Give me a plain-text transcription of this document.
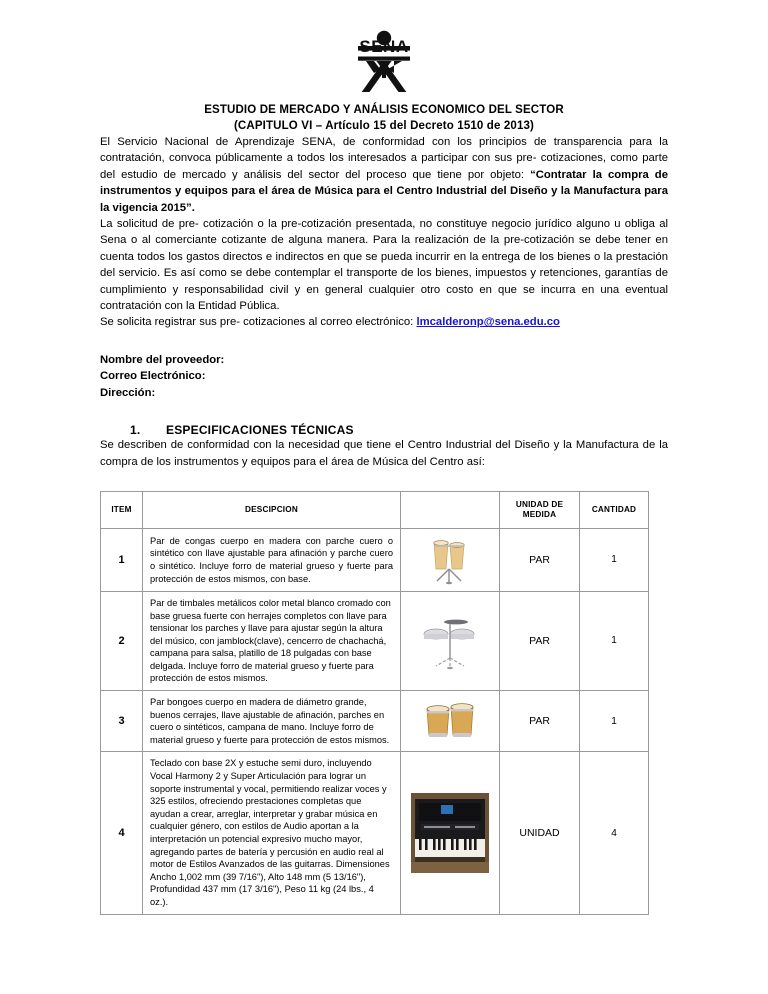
SENA
ESTUDIO DE MERCADO Y ANÁLISIS ECONOMICO DEL SECTOR
(CAPITULO VI – Artículo 15 del Decreto 1510 de 2013)

El Servicio Nacional de Aprendizaje SENA, de conformidad con los principios de transparencia para la contratación, convoca públicamente a todos los interesados a participar con sus pre- cotizaciones, como parte del estudio de mercado y análisis del sector del proceso que tiene por objeto: “Contratar la compra de instrumentos y equipos para el área de Música para el Centro Industrial del Diseño y la Manufactura para la vigencia 2015”.

La solicitud de pre- cotización o la pre-cotización presentada, no constituye negocio jurídico alguno u obliga al Sena o al comerciante cotizante de alguna manera. Para la realización de la pre-cotización se debe tener en cuenta todos los gastos directos e indirectos en que se pueda incurrir en la entrega de los bienes o la prestación del servicio. Es así como se debe contemplar el transporte de los bienes, impuestos y retenciones, garantías de cumplimiento y responsabilidad civil y en general cualquier otro costo en que se incurra en una eventual contratación con la Entidad Pública.

Se solicita registrar sus pre- cotizaciones al correo electrónico: lmcalderonp@sena.edu.co

Nombre del proveedor:
Correo Electrónico:
Dirección:
1.	ESPECIFICACIONES TÉCNICAS

Se describen de conformidad con la necesidad que tiene el Centro Industrial del Diseño y la Manufactura de la compra de los instrumentos y equipos para el área de Música del Centro así:

ITEM	DESCIPCION		UNIDAD DE MEDIDA	CANTIDAD
1	Par de congas cuerpo en madera con parche cuero o sintético con llave ajustable para afinación y parche cuero o sintético. Incluye forro de material grueso y fuerte para protección de estos mismos, con base.		PAR	1
2	Par de timbales metálicos color metal blanco cromado con base gruesa fuerte con herrajes completos con llave para tensionar los parches y llave para ajustar según la altura del músico, con jamblock(clave), cencerro de chachachá, campana para salsa, platillo de 18 pulgadas con base delgada. Incluye forro de material grueso y fuerte para protección de estos mismos.		PAR	1
3	Par bongoes cuerpo en madera de diámetro grande, buenos cerrajes, llave ajustable de afinación, parches en cuero o sintéticos, campana de mano. Incluye forro de material grueso y fuerte para protección de estos mismos.		PAR	1
4	Teclado con base 2X y estuche semi duro, incluyendo Vocal Harmony 2 y Super Articulación para lograr un soporte instrumental y vocal, permitiendo realizar voces y 325 estilos, ofreciendo prestaciones completas que ayudan a crear, arreglar, interpretar y grabar música en cualquier género, con estilos de Audio aportan a la interpretación un potencial expresivo mucho mayor, agregando partes de batería y percusión en audio real al motor de Estilos Avanzados de las guitarras. Dimensiones Ancho 1,002 mm (39 7/16"), Alto 148 mm (5 13/16"), Profundidad 437 mm (17 3/16"), Peso 11 kg (24 lbs., 4 oz.).		UNIDAD	4
